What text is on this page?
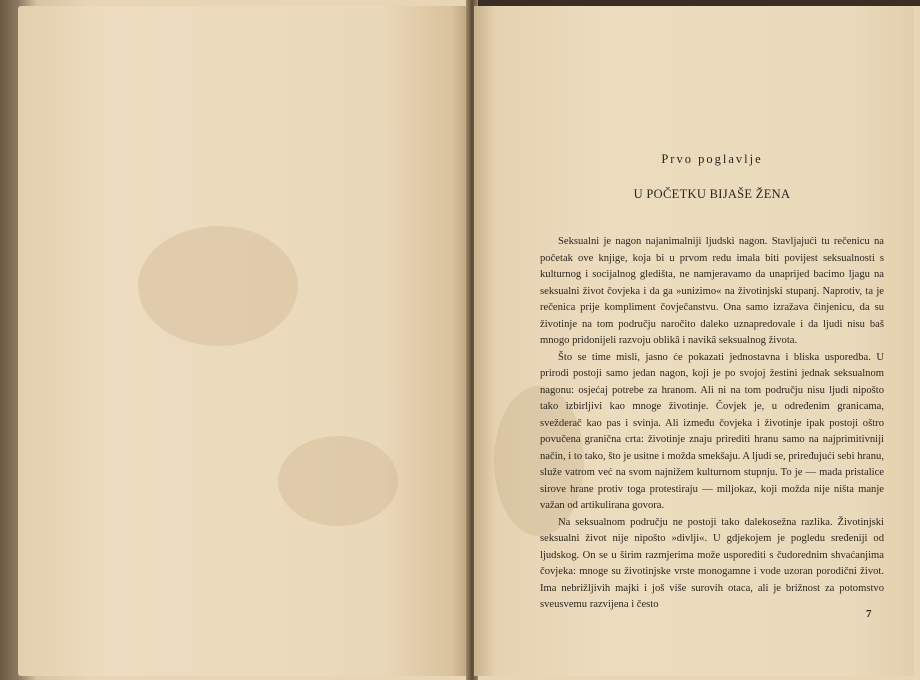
Prvo poglavlje

U POČETKU BIJAŠE ŽENA

Seksualni je nagon najanimalniji ljudski nagon. Stavljajući tu rečenicu na početak ove knjige, koja bi u prvom redu imala biti povijest seksualnosti s kulturnog i socijalnog gledišta, ne namjeravamo da unaprijed bacimo ljagu na seksualni život čovjeka i da ga »unizimo« na životinjski stupanj. Naprotiv, ta je rečenica prije kompliment čovječanstvu. Ona samo izražava činjenicu, da su životinje na tom području naročito daleko uznapredovale i da ljudi nisu baš mnogo pridonijeli razvoju oblikâ i navikâ seksualnog života.

Što se time misli, jasno će pokazati jednostavna i bliska usporedba. U prirodi postoji samo jedan nagon, koji je po svojoj žestini jednak seksualnom nagonu: osjećaj potrebe za hranom. Ali ni na tom području nisu ljudi nipošto tako izbirljivi kao mnoge životinje. Čovjek je, u određenim granicama, svežderač kao pas i svinja. Ali između čovjeka i životinje ipak postoji oštro povučena granična crta: životinje znaju prirediti hranu samo na najprimitivniji način, i to tako, što je usitne i možda smekšaju. A ljudi se, priređujući sebi hranu, služe vatrom već na svom najnižem kulturnom stupnju. To je — mada pristalice sirove hrane protiv toga protestiraju — miljokaz, koji možda nije ništa manje važan od artikulirana govora.

Na seksualnom području ne postoji tako dalekosežna razlika. Životinjski seksualni život nije nipošto »divlji«. U gdjekojem je pogledu sređeniji od ljudskog. On se u širim razmjerima može usporediti s čudorednim shvaćanjima čovjeka: mnoge su životinjske vrste monogamne i vode uzoran porodični život. Ima nebrižljivih majki i još više surovih otaca, ali je brižnost za potomstvo sveusvemu razvijena i često

7
